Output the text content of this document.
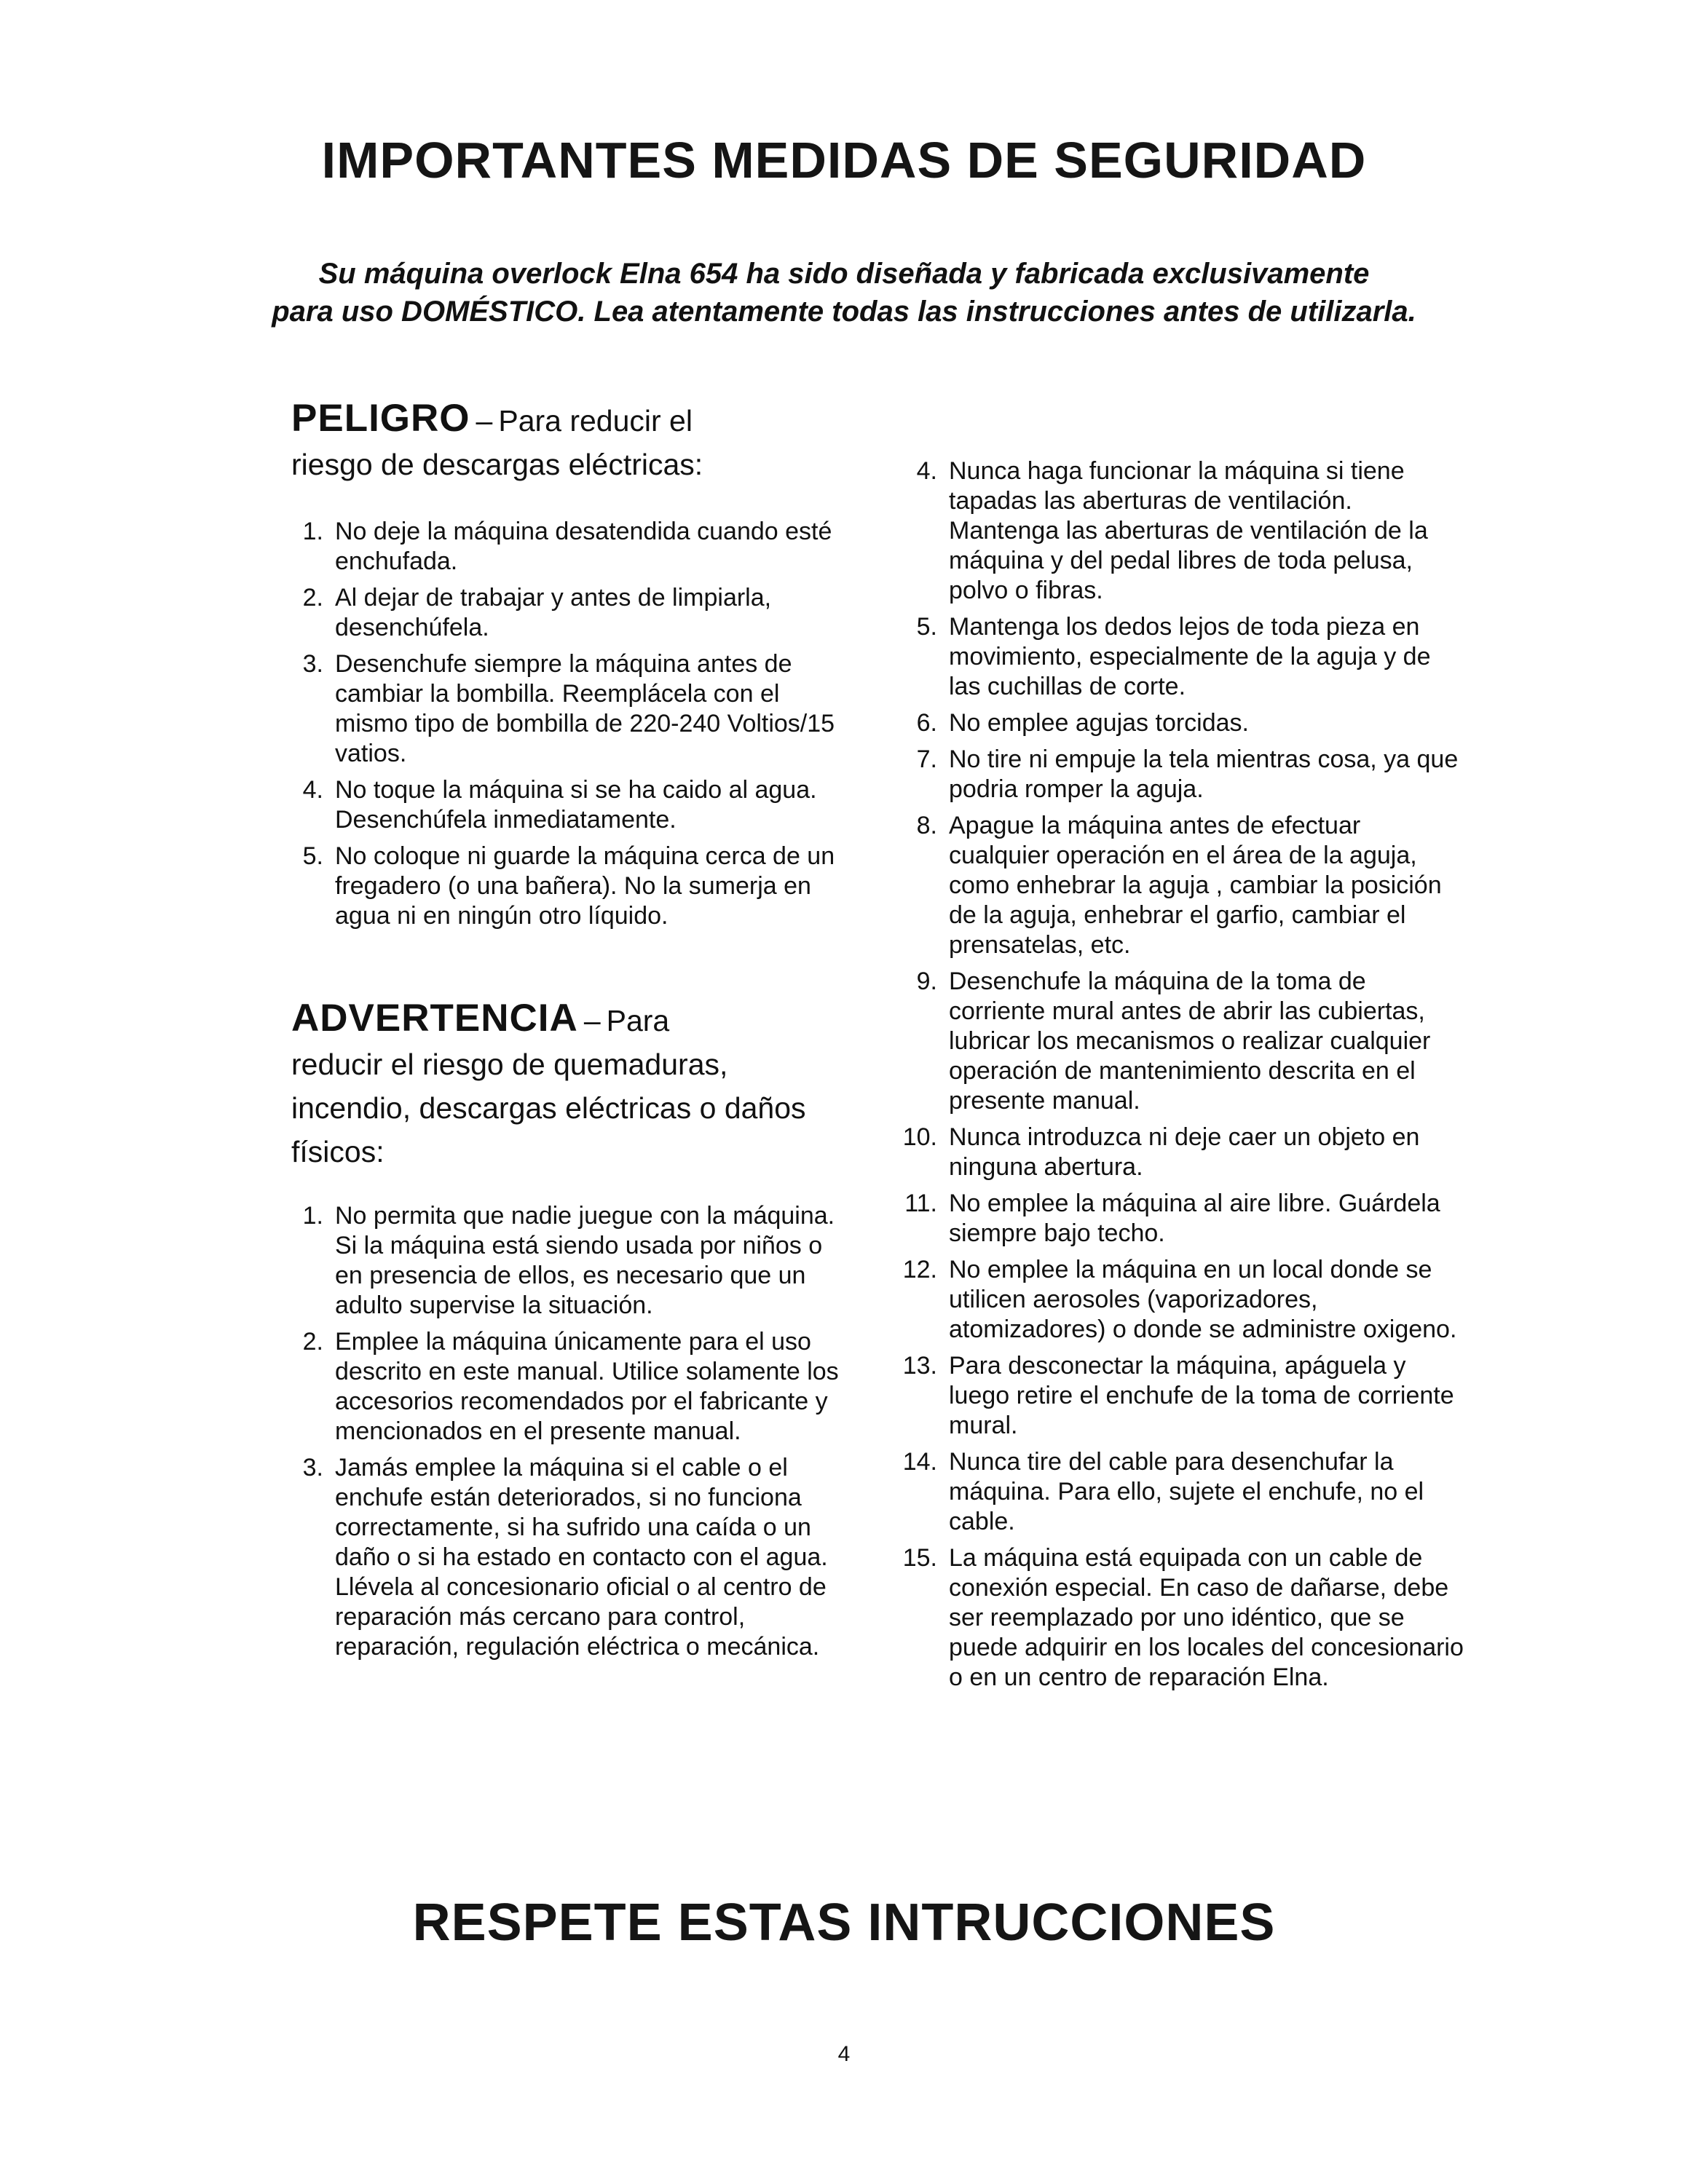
IMPORTANTES MEDIDAS DE SEGURIDAD
Su máquina overlock Elna 654 ha sido diseñada y fabricada exclusivamente
para uso DOMÉSTICO. Lea atentamente todas las instrucciones antes de utilizarla.
PELIGRO – Para reducir el
riesgo de descargas eléctricas:
1. No deje la máquina desatendida cuando esté enchufada.
2. Al dejar de trabajar y antes de limpiarla, desenchúfela.
3. Desenchufe siempre la máquina antes de cambiar la bombilla. Reemplácela con el mismo tipo de bombilla de 220-240 Voltios/15 vatios.
4. No toque la máquina si se ha caido al agua. Desenchúfela inmediatamente.
5. No coloque ni guarde la máquina cerca de un fregadero (o una bañera). No la sumerja en agua ni en ningún otro líquido.
ADVERTENCIA – Para
reducir el riesgo de quemaduras,
incendio, descargas eléctricas o daños
físicos:
1. No permita que nadie juegue con la máquina. Si la máquina está siendo usada por niños o en presencia de ellos, es necesario que un adulto supervise la situación.
2. Emplee la máquina únicamente para el uso descrito en este manual. Utilice solamente los accesorios recomendados por el fabricante y mencionados en el presente manual.
3. Jamás emplee la máquina si el cable o el enchufe están deteriorados, si no funciona correctamente, si ha sufrido una caída o un daño o si ha estado en contacto con el agua. Llévela al concesionario oficial o al centro de reparación más cercano para control, reparación, regulación eléctrica o mecánica.
4. Nunca haga funcionar la máquina si tiene tapadas las aberturas de ventilación. Mantenga las aberturas de ventilación de la máquina y del pedal libres de toda pelusa, polvo o fibras.
5. Mantenga los dedos lejos de toda pieza en movimiento, especialmente de la aguja y de las cuchillas de corte.
6. No emplee agujas torcidas.
7. No tire ni empuje la tela mientras cosa, ya que podria romper la aguja.
8. Apague la máquina antes de efectuar cualquier operación en el área de la aguja, como enhebrar la aguja , cambiar la posición de la aguja, enhebrar el garfio, cambiar el prensatelas, etc.
9. Desenchufe la máquina de la toma de corriente mural antes de abrir las cubiertas, lubricar los mecanismos o realizar cualquier operación de mantenimiento descrita en el presente manual.
10. Nunca introduzca ni deje caer un objeto en ninguna abertura.
11. No emplee la máquina al aire libre. Guárdela siempre bajo techo.
12. No emplee la máquina en un local donde se utilicen aerosoles (vaporizadores, atomizadores) o donde se administre oxigeno.
13. Para desconectar la máquina, apáguela y luego retire el enchufe de la toma de corriente mural.
14. Nunca tire del cable para desenchufar la máquina. Para ello, sujete el enchufe, no el cable.
15. La máquina está equipada con un cable de conexión especial. En caso de dañarse, debe ser reemplazado por uno idéntico, que se puede adquirir en los locales del concesionario o en un centro de reparación Elna.
RESPETE ESTAS INTRUCCIONES
4
